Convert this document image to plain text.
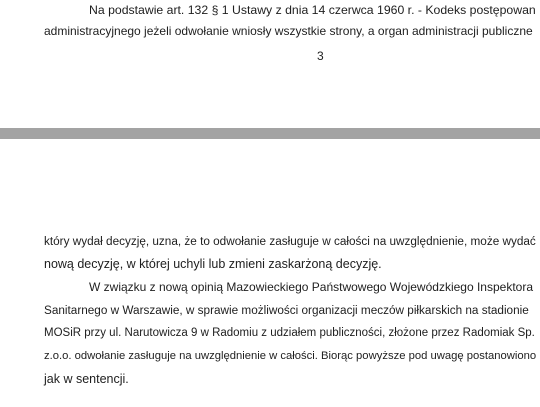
Na podstawie art. 132 § 1 Ustawy z dnia 14 czerwca 1960 r. - Kodeks postępowan
administracyjnego jeżeli odwołanie wniosły wszystkie strony, a organ administracji publiczne
3
który wydał decyzję, uzna, że to odwołanie zasługuje w całości na uwzględnienie, może wydać
nową decyzję, w której uchyli lub zmieni zaskarżoną decyzję.
W związku z nową opinią Mazowieckiego Państwowego Wojewódzkiego Inspektora
Sanitarnego w Warszawie, w sprawie możliwości organizacji meczów piłkarskich na stadionie
MOSiR przy ul. Narutowicza 9 w Radomiu z udziałem publiczności, złożone przez Radomiak Sp.
z.o.o. odwołanie zasługuje na uwzględnienie w całości. Biorąc powyższe pod uwagę postanowiono
jak w sentencji.
